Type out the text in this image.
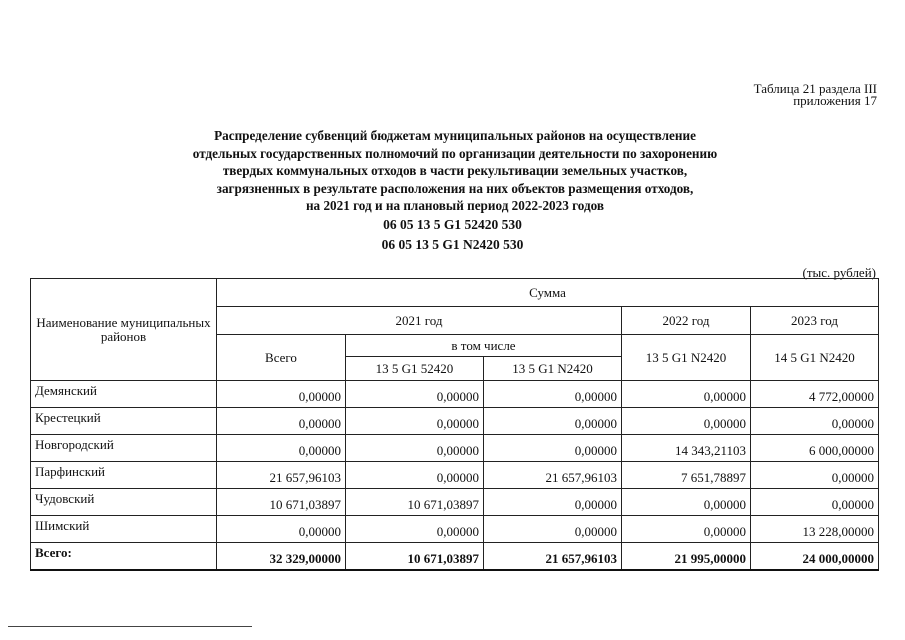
Таблица 21 раздела III
приложения 17
Распределение субвенций бюджетам муниципальных районов на осуществление
отдельных государственных полномочий по организации деятельности по захоронению
твердых коммунальных отходов в части рекультивации земельных участков,
загрязненных в результате расположения на них объектов размещения отходов,
на 2021 год и на плановый период 2022-2023 годов
06 05 13 5 G1 52420 530
06 05 13 5 G1 N2420 530
(тыс. рублей)
Наименование муниципальных районов	Сумма				
	2021 год			2022 год	2023 год
	Всего	в том числе		13 5 G1 N2420	14 5 G1 N2420
		13 5 G1 52420	13 5 G1 N2420		
Демянский	0,00000	0,00000	0,00000	0,00000	4 772,00000
Крестецкий	0,00000	0,00000	0,00000	0,00000	0,00000
Новгородский	0,00000	0,00000	0,00000	14 343,21103	6 000,00000
Парфинский	21 657,96103	0,00000	21 657,96103	7 651,78897	0,00000
Чудовский	10 671,03897	10 671,03897	0,00000	0,00000	0,00000
Шимский	0,00000	0,00000	0,00000	0,00000	13 228,00000
Всего:	32 329,00000	10 671,03897	21 657,96103	21 995,00000	24 000,00000
